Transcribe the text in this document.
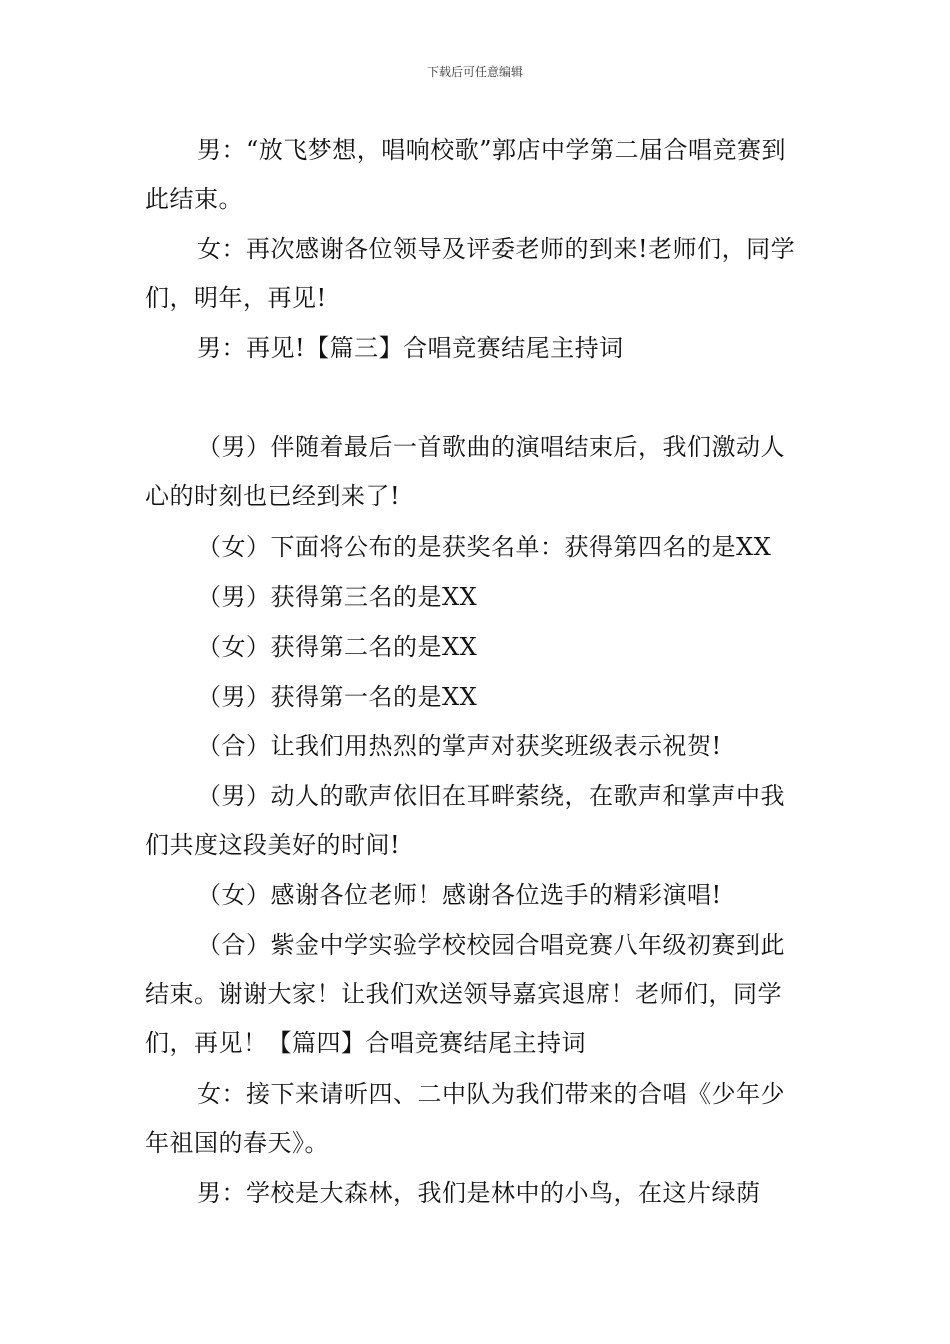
下载后可任意编辑

男：“放飞梦想，唱响校歌”郭店中学第二届合唱竞赛到此结束。

女：再次感谢各位领导及评委老师的到来!老师们，同学们，明年，再见!

男：再见!【篇三】合唱竞赛结尾主持词

（男）伴随着最后一首歌曲的演唱结束后，我们激动人心的时刻也已经到来了!

（女）下面将公布的是获奖名单：获得第四名的是XX

（男）获得第三名的是XX

（女）获得第二名的是XX

（男）获得第一名的是XX

（合）让我们用热烈的掌声对获奖班级表示祝贺!

（男）动人的歌声依旧在耳畔萦绕，在歌声和掌声中我们共度这段美好的时间!

（女）感谢各位老师！感谢各位选手的精彩演唱!

（合）紫金中学实验学校校园合唱竞赛八年级初赛到此结束。谢谢大家！让我们欢送领导嘉宾退席！老师们，同学们，再见！【篇四】合唱竞赛结尾主持词

女：接下来请听四、二中队为我们带来的合唱《少年少年祖国的春天》。

男：学校是大森林，我们是林中的小鸟，在这片绿荫
